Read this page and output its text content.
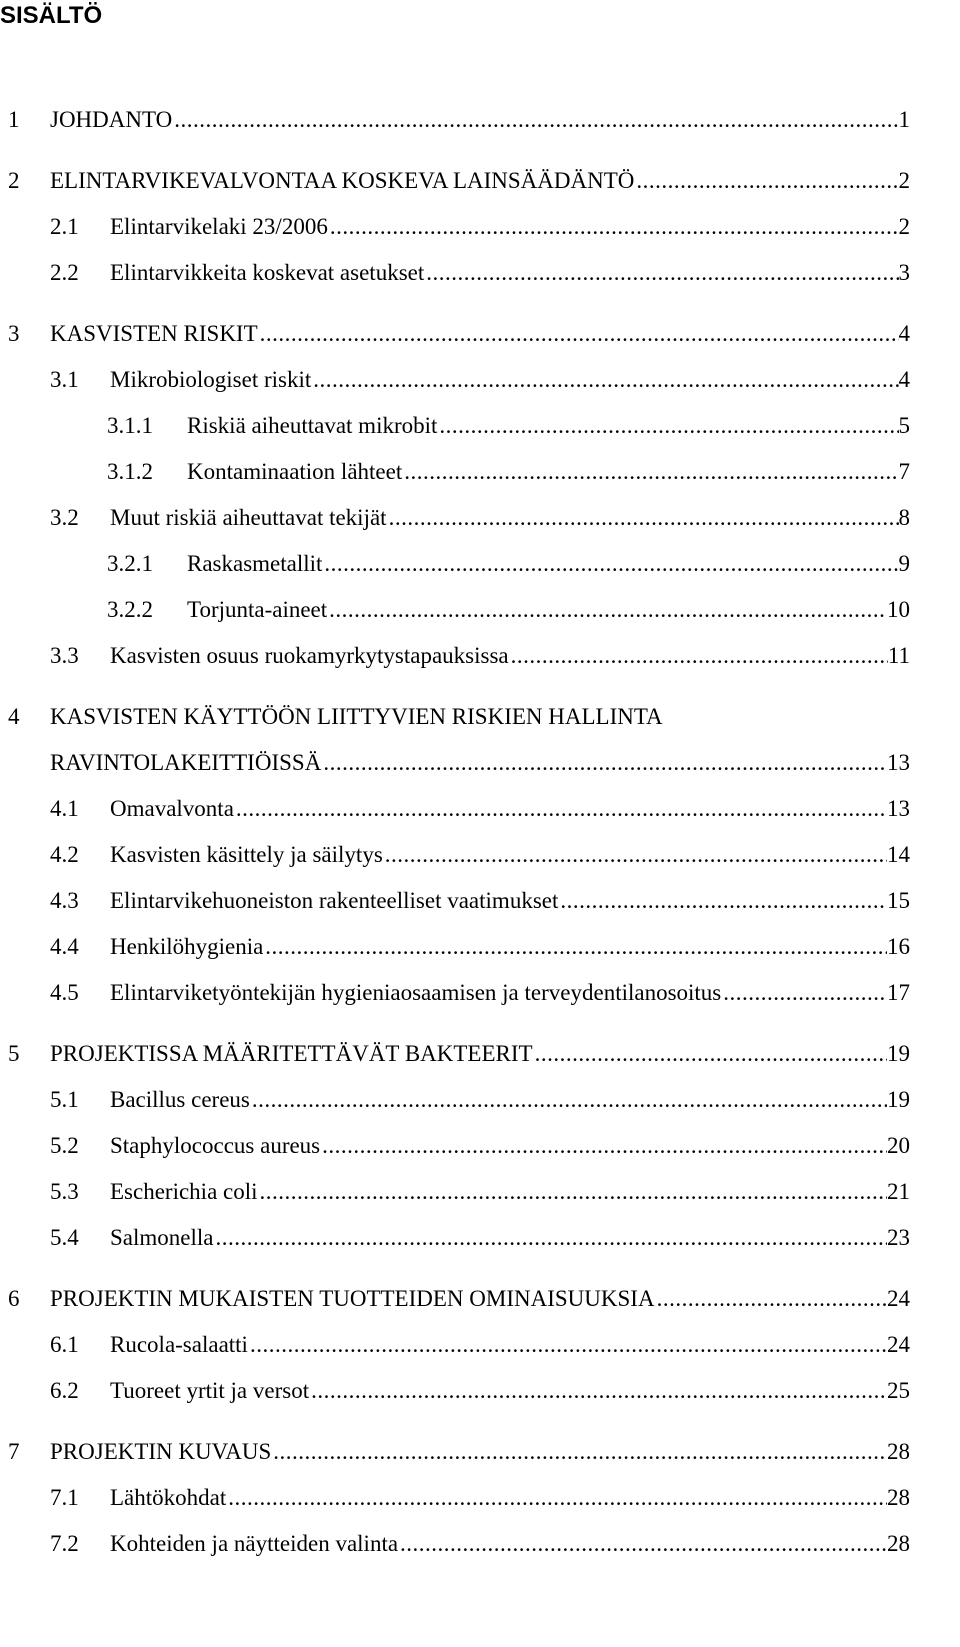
SISÄLTÖ
1 JOHDANTO .....	1
2 ELINTARVIKEVALVONTAA KOSKEVA LAINSÄÄDÄNTÖ .....	2
2.1 Elintarvikelaki 23/2006 .....	2
2.2 Elintarvikkeita koskevat asetukset .....	3
3 KASVISTEN RISKIT .....	4
3.1 Mikrobiologiset riskit .....	4
3.1.1 Riskiä aiheuttavat mikrobit .....	5
3.1.2 Kontaminaation lähteet .....	7
3.2 Muut riskiä aiheuttavat tekijät .....	8
3.2.1 Raskasmetallit .....	9
3.2.2 Torjunta-aineet .....	10
3.3 Kasvisten osuus ruokamyrkytystapauksissa .....	11
4 KASVISTEN KÄYTTÖÖN LIITTYVIEN RISKIEN HALLINTA
RAVINTOLAKEITTIÖISSÄ .....	13
4.1 Omavalvonta .....	13
4.2 Kasvisten käsittely ja säilytys .....	14
4.3 Elintarvikehuoneiston rakenteelliset vaatimukset .....	15
4.4 Henkilöhygienia .....	16
4.5 Elintarviketyöntekijän hygieniaosaamisen ja terveydentilanosoitus .....	17
5 PROJEKTISSA MÄÄRITETTÄVÄT BAKTEERIT .....	19
5.1 Bacillus cereus .....	19
5.2 Staphylococcus aureus .....	20
5.3 Escherichia coli .....	21
5.4 Salmonella .....	23
6 PROJEKTIN MUKAISTEN TUOTTEIDEN OMINAISUUKSIA .....	24
6.1 Rucola-salaatti .....	24
6.2 Tuoreet yrtit ja versot .....	25
7 PROJEKTIN KUVAUS .....	28
7.1 Lähtökohdat .....	28
7.2 Kohteiden ja näytteiden valinta .....	28
